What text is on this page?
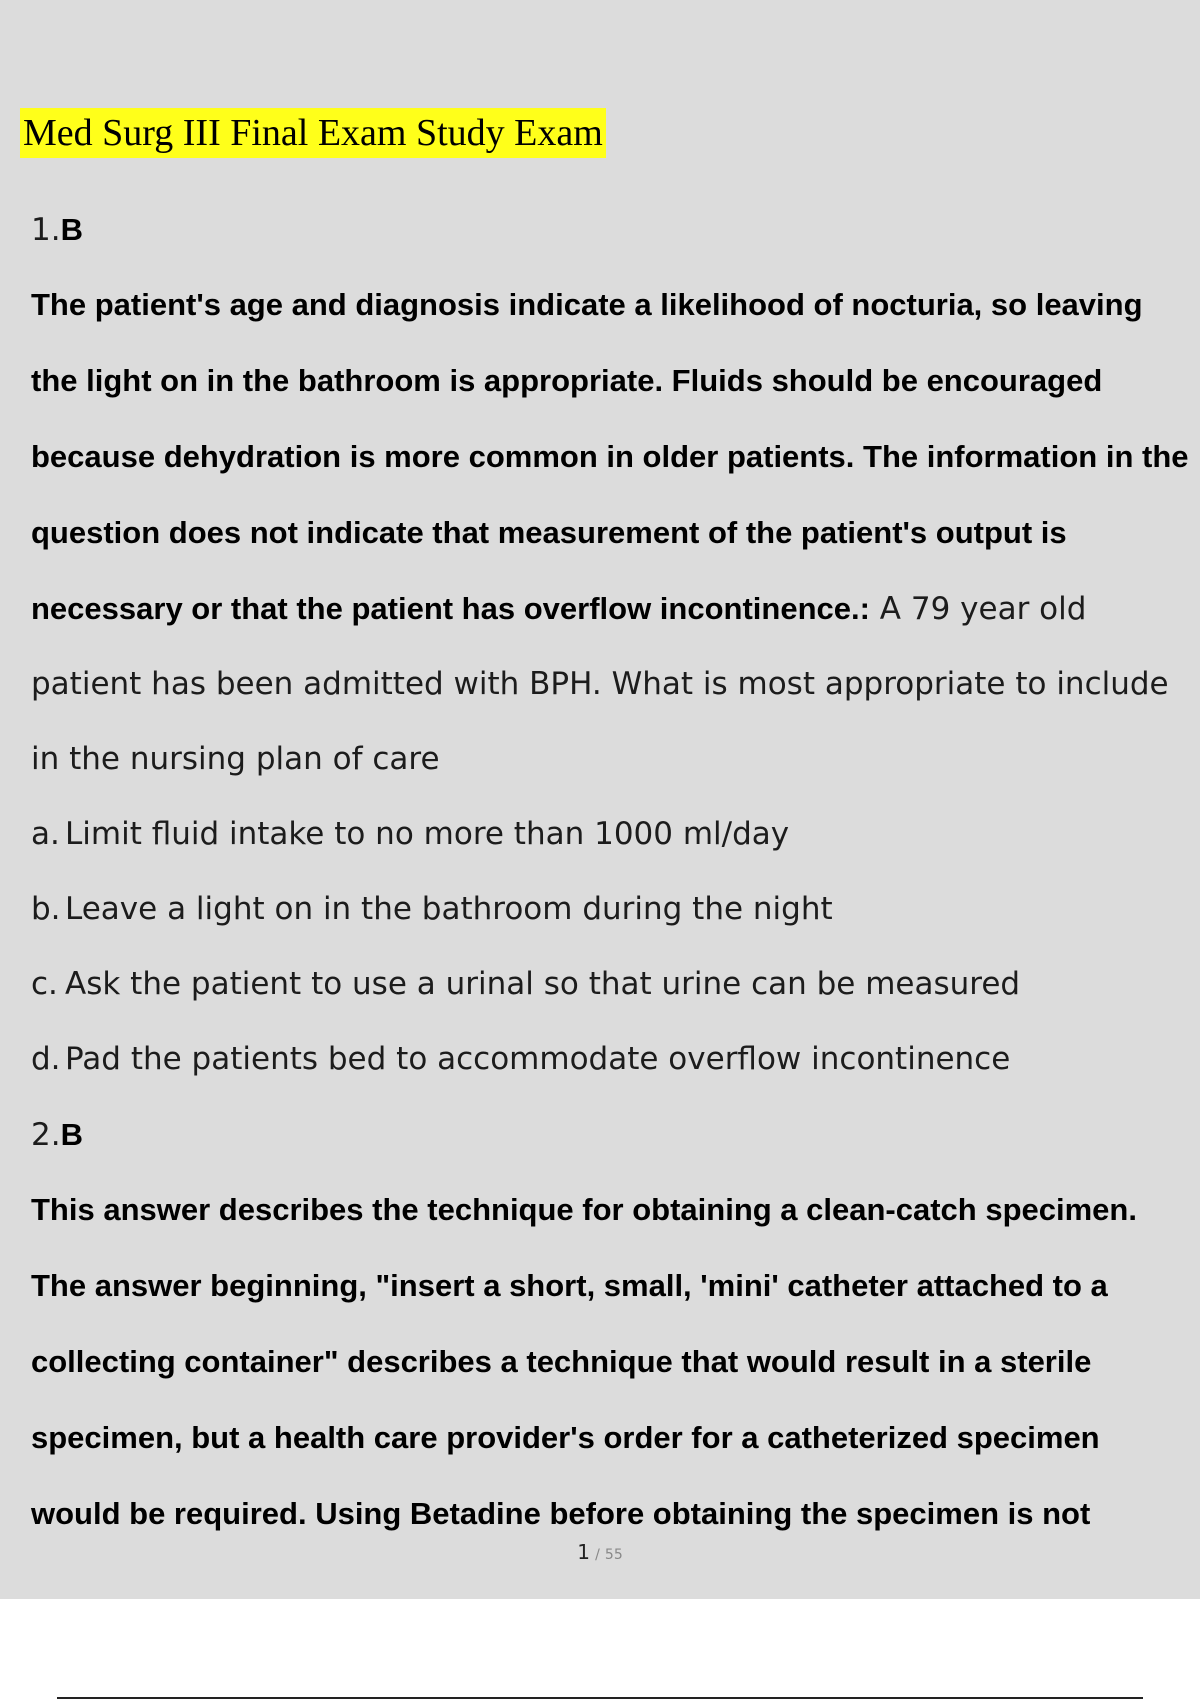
Med Surg III Final Exam Study Exam
1.B

The patient's age and diagnosis indicate a likelihood of nocturia, so leaving the light on in the bathroom is appropriate. Fluids should be encouraged because dehydration is more common in older patients. The information in the question does not indicate that measurement of the patient's output is necessary or that the patient has overflow incontinence.: A 79 year old patient has been admitted with BPH. What is most appropriate to include in the nursing plan of care

a. Limit fluid intake to no more than 1000 ml/day
b. Leave a light on in the bathroom during the night
c. Ask the patient to use a urinal so that urine can be measured
d. Pad the patients bed to accommodate overflow incontinence
2.B

This answer describes the technique for obtaining a clean-catch specimen. The answer beginning, "insert a short, small, 'mini' catheter attached to a collecting container" describes a technique that would result in a sterile specimen, but a health care provider's order for a catheterized specimen would be required. Using Betadine before obtaining the specimen is not

1 / 55
